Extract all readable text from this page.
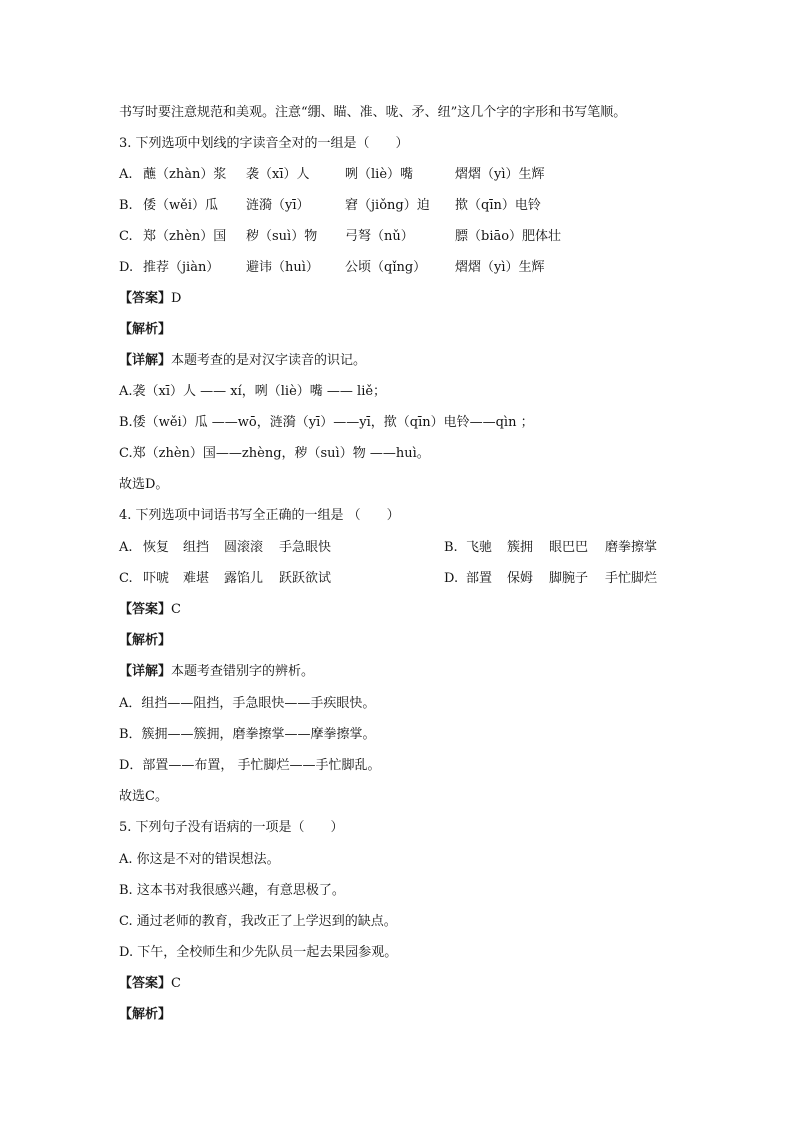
书写时要注意规范和美观。注意“绷、瞄、准、咙、矛、纽”这几个字的字形和书写笔顺。
3. 下列选项中划线的字读音全对的一组是（　　）
A. 蘸（zhàn）浆 袭（xī）人	咧（liè）嘴	熠熠（yì）生辉
B. 倭（wěi）瓜 涟漪（yī）	窘（jiǒng）迫 揿（qīn）电铃
C. 郑（zhèn）国 秽（suì）物 弓弩（nǔ）	膘（biāo）肥体壮
D. 推荐（jiàn） 避讳（huì） 公顷（qǐng） 熠熠（yì）生辉
【答案】D
【解析】
【详解】本题考查的是对汉字读音的识记。
A.袭（xī）人 —— xí，咧（liè）嘴 —— liě；
B.倭（wěi）瓜 ——wō，涟漪（yī）——yī，揿（qīn）电铃——qìn ；
C.郑（zhèn）国——zhèng，秽（suì）物 ——huì。
故选D。
4. 下列选项中词语书写全正确的一组是 （　　）
A. 恢复 组挡 圆滚滚 手急眼快	B. 飞驰 簇拥 眼巴巴 磨拳擦掌
C. 吓唬 难堪 露馅儿 跃跃欲试	D. 部置 保姆 脚腕子 手忙脚烂
【答案】C
【解析】
【详解】本题考查错别字的辨析。
A．组挡——阻挡，手急眼快——手疾眼快。
B．簇拥——簇拥，磨拳擦掌——摩拳擦掌。
D．部置——布置， 手忙脚烂——手忙脚乱。
故选C。
5. 下列句子没有语病的一项是（　　）
A. 你这是不对的错误想法。
B. 这本书对我很感兴趣，有意思极了。
C. 通过老师的教育，我改正了上学迟到的缺点。
D. 下午，全校师生和少先队员一起去果园参观。
【答案】C
【解析】
